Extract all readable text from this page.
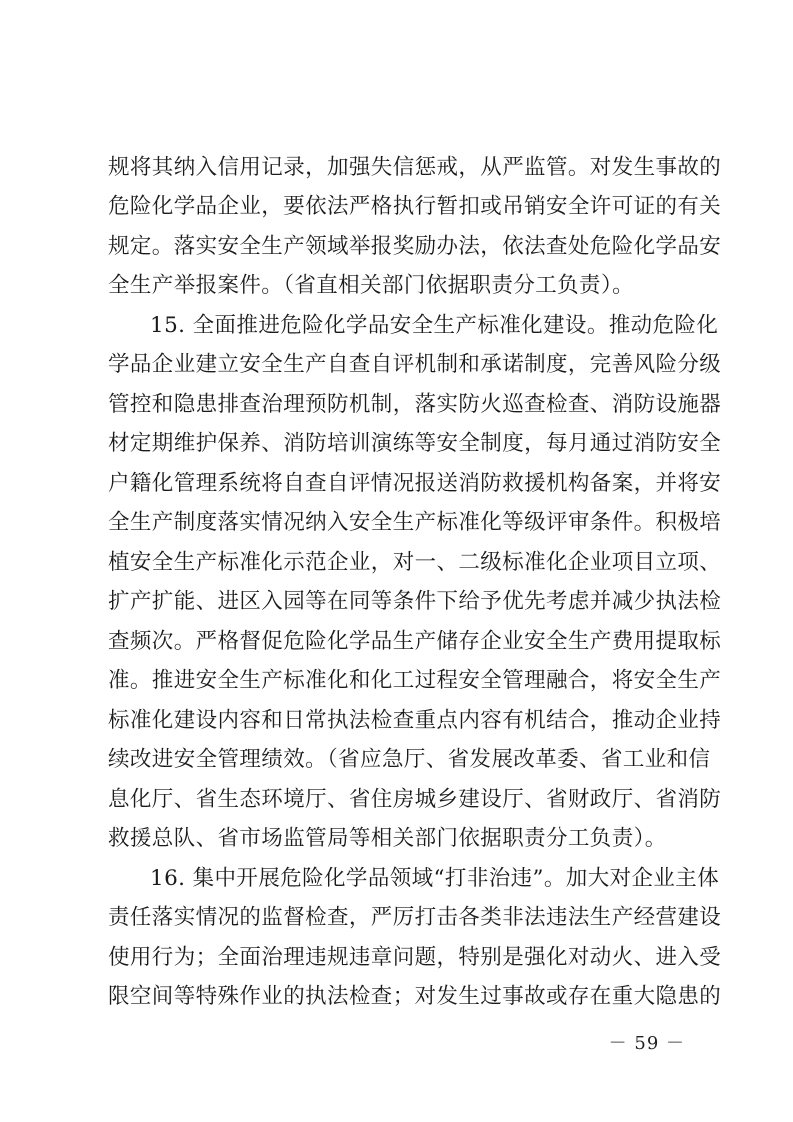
规将其纳入信用记录，加强失信惩戒，从严监管。对发生事故的
危险化学品企业，要依法严格执行暂扣或吊销安全许可证的有关
规定。落实安全生产领域举报奖励办法，依法查处危险化学品安
全生产举报案件。（省直相关部门依据职责分工负责）。
15. 全面推进危险化学品安全生产标准化建设。推动危险化
学品企业建立安全生产自查自评机制和承诺制度，完善风险分级
管控和隐患排查治理预防机制，落实防火巡查检查、消防设施器
材定期维护保养、消防培训演练等安全制度，每月通过消防安全
户籍化管理系统将自查自评情况报送消防救援机构备案，并将安
全生产制度落实情况纳入安全生产标准化等级评审条件。积极培
植安全生产标准化示范企业，对一、二级标准化企业项目立项、
扩产扩能、进区入园等在同等条件下给予优先考虑并减少执法检
查频次。严格督促危险化学品生产储存企业安全生产费用提取标
准。推进安全生产标准化和化工过程安全管理融合，将安全生产
标准化建设内容和日常执法检查重点内容有机结合，推动企业持
续改进安全管理绩效。（省应急厅、省发展改革委、省工业和信
息化厅、省生态环境厅、省住房城乡建设厅、省财政厅、省消防
救援总队、省市场监管局等相关部门依据职责分工负责）。
16. 集中开展危险化学品领域“打非治违”。加大对企业主体
责任落实情况的监督检查，严厉打击各类非法违法生产经营建设
使用行为；全面治理违规违章问题，特别是强化对动火、进入受
限空间等特殊作业的执法检查；对发生过事故或存在重大隐患的
－ 59 －
